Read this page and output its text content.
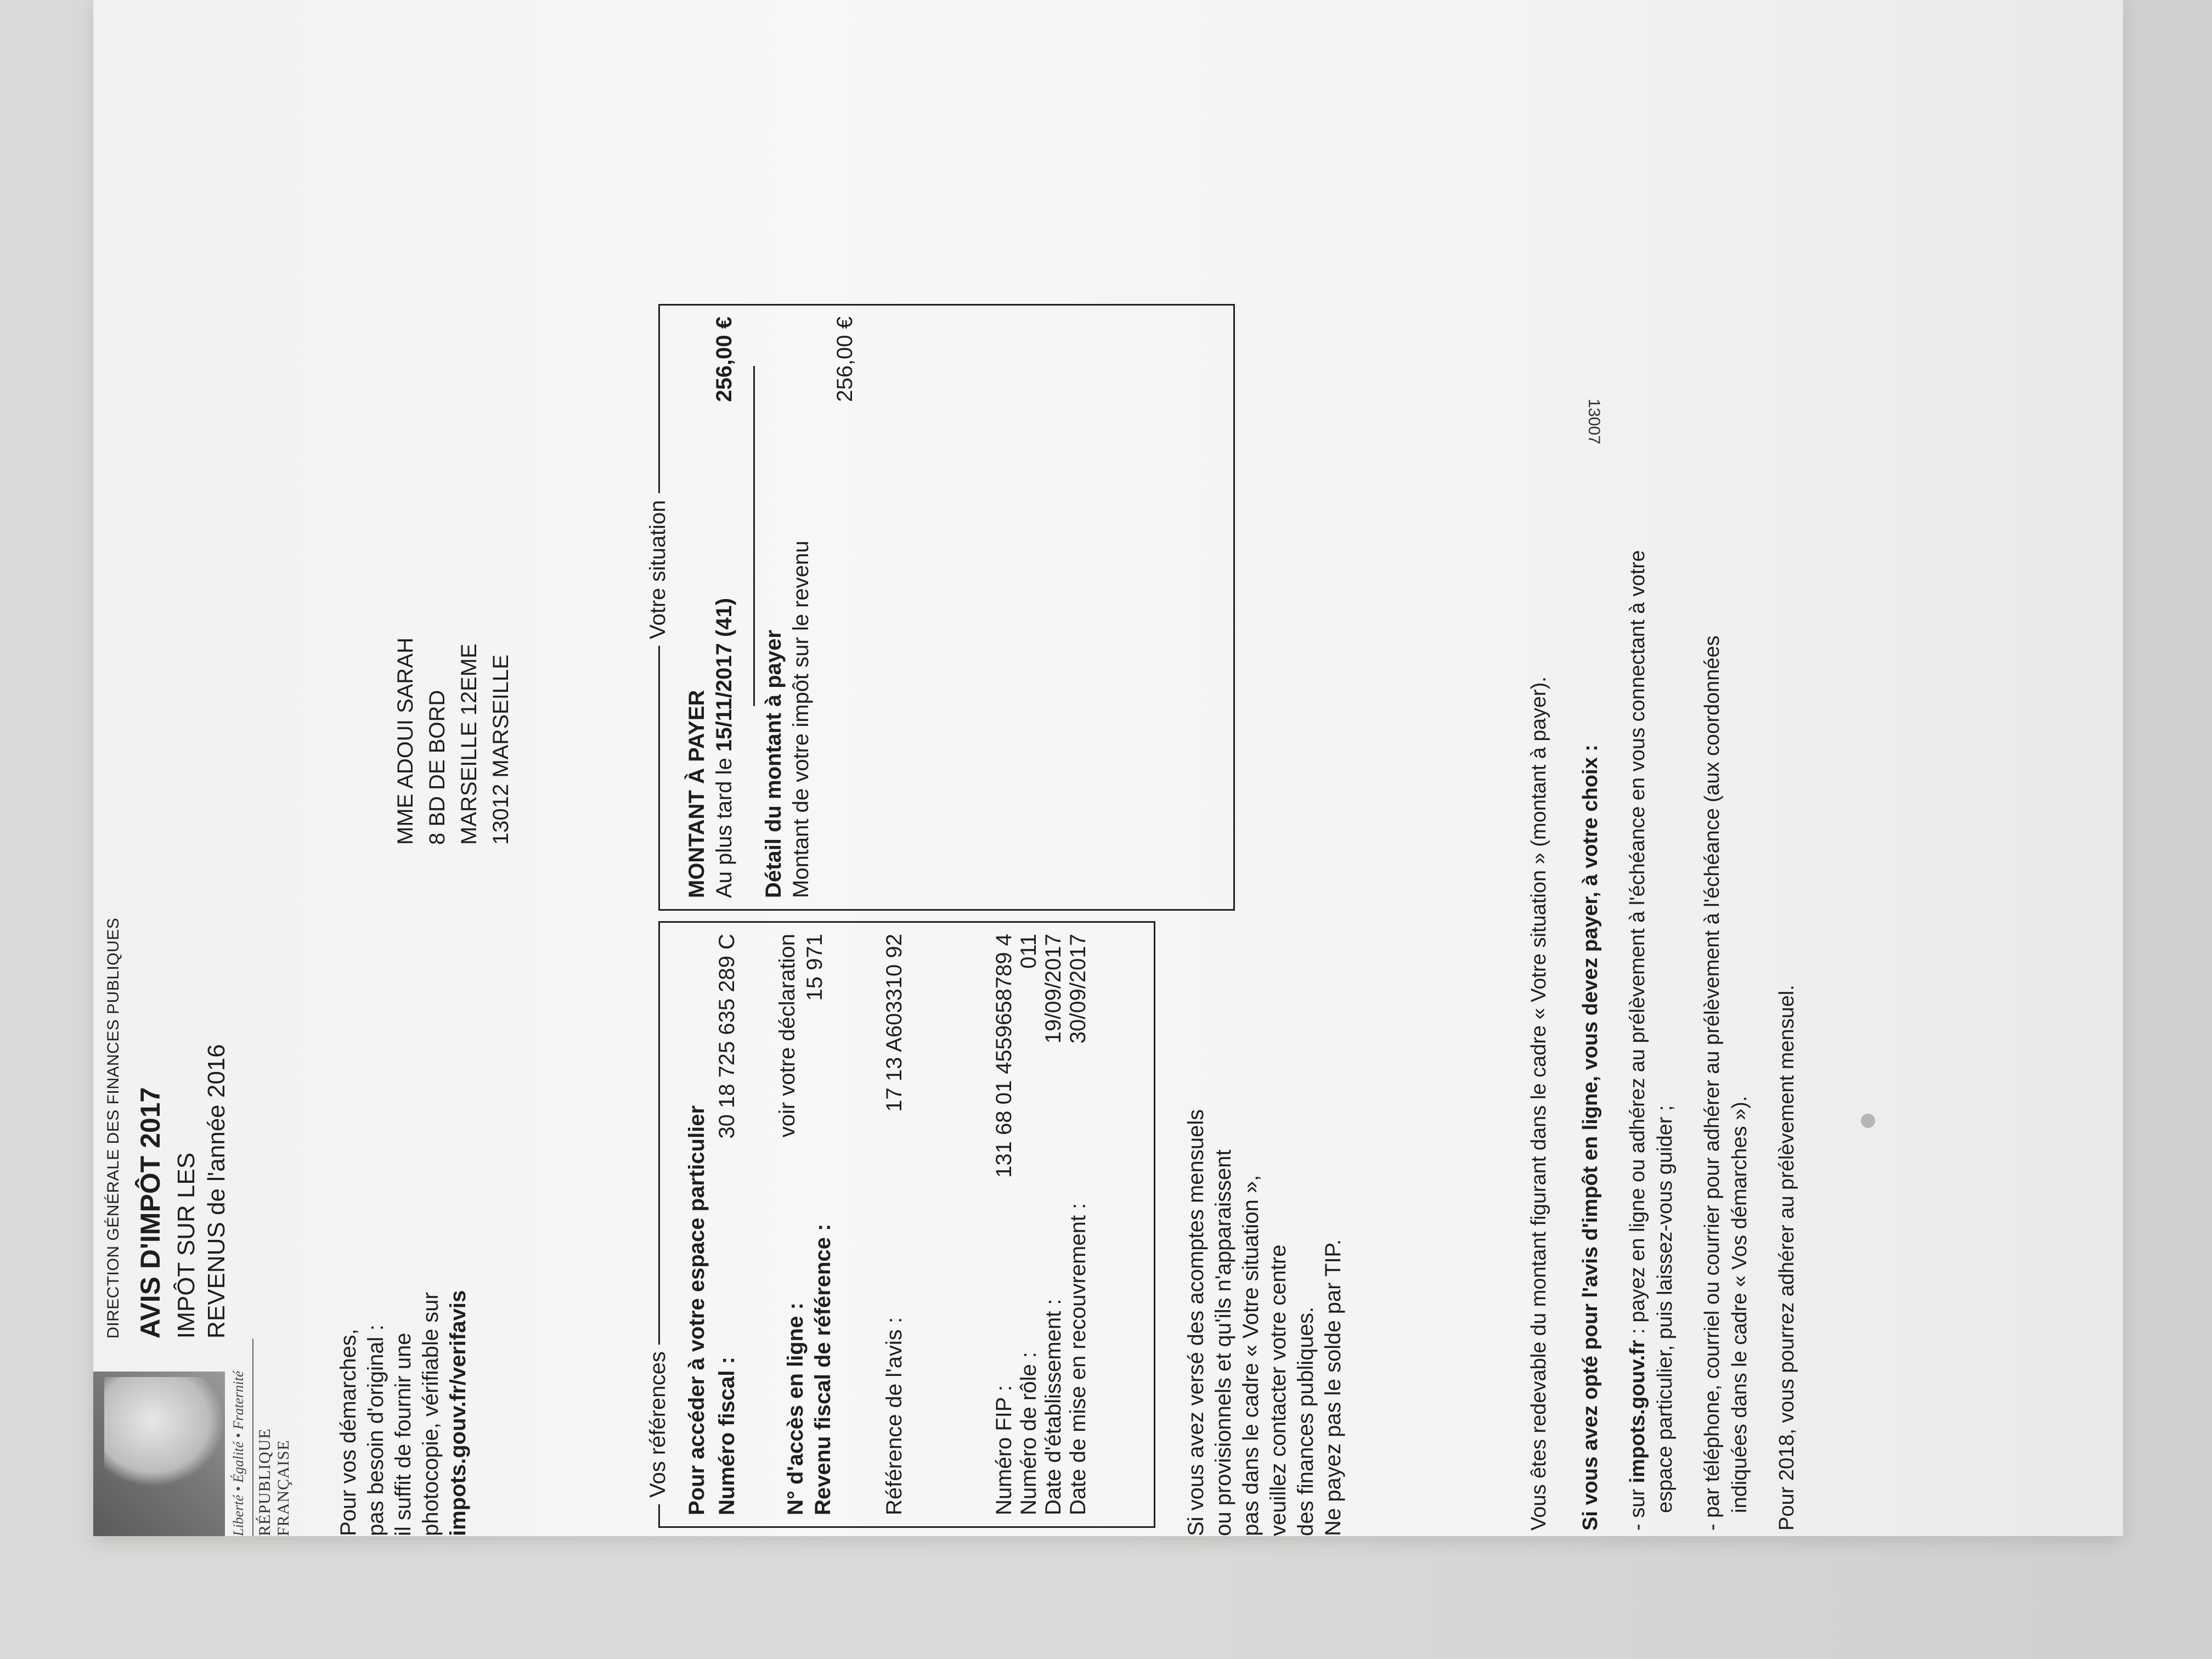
Liberté • Égalité • Fraternité RÉPUBLIQUE FRANÇAISE
DIRECTION GÉNÉRALE DES FINANCES PUBLIQUES AVIS D'IMPÔT 2017 IMPÔT SUR LES REVENUS de l'année 2016
Pour vos démarches, pas besoin d'original : il suffit de fournir une photocopie, vérifiable sur impots.gouv.fr/verifavis
MME ADOUI SARAH 8 BD DE BORD MARSEILLE 12EME 13012 MARSEILLE
Vos références Pour accéder à votre espace particulier Numéro fiscal :
30 18 725 635 289 C
N° d'accès en ligne :
voir votre déclaration
Revenu fiscal de référence :
15 971
Référence de l'avis :
17 13 A603310 92
Numéro FIP :
131 68 01 4559658789 4
Numéro de rôle :
011
Date d'établissement :
19/09/2017
Date de mise en recouvrement :
30/09/2017
Votre situation
MONTANT À PAYER Au plus tard le 15/11/2017 (41)
256,00 €
Détail du montant à payer Montant de votre impôt sur le revenu
256,00 €
Si vous avez versé des acomptes mensuels ou provisionnels et qu'ils n'apparaissent pas dans le cadre « Votre situation », veuillez contacter votre centre des finances publiques. Ne payez pas le solde par TIP.	Vous êtes redevable du montant figurant dans le cadre « Votre situation » (montant à payer). Si vous avez opté pour l'avis d'impôt en ligne, vous devez payer, à votre choix : - sur impots.gouv.fr : payez en ligne ou adhérez au prélèvement à l'échéance en vous connectant à votre espace particulier, puis laissez-vous guider ; - par téléphone, courriel ou courrier pour adhérer au prélèvement à l'échéance (aux coordonnées indiquées dans le cadre « Vos démarches »). Pour 2018, vous pourrez adhérer au prélèvement mensuel.

13007
